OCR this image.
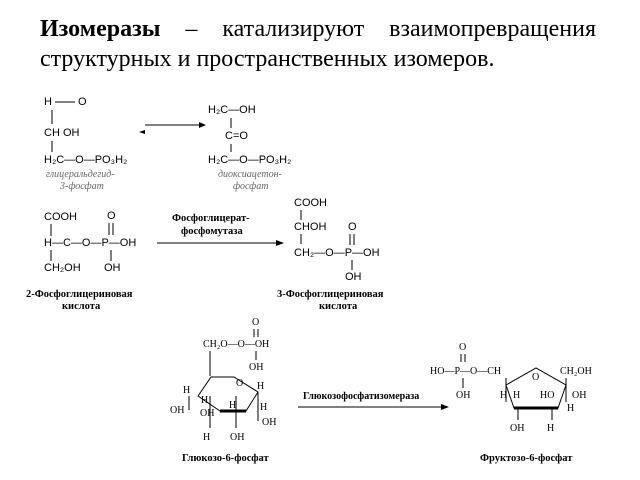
Изомеразы – катализируют взаимопревращения структурных и пространственных изомеров.
H O
CH OH
H₂C—O—PO₃H₂
глицеральдегид-
3-фосфат
H₂C—OH
C=O
H₂C—O—PO₃H₂
диоксиацетон-
фосфат
COOH	O
H—C—O—P—OH
CH₂OH OH
2-Фосфоглицериновая
кислота
Фосфоглицерат-
фосфомутаза
COOH
CHOH O
CH₂—O—P—OH
OH
3-Фосфоглицериновая
кислота
O
CH₂O—O—OH
OH
O
H
H
H
OH OH
H H
OH
H OH
Глюкозо-6-фосфат
Глюкозофосфатизомераза
O
HO—P—O—CH
OH
O
CH₂OH
H H HO OH
H
OH H
Фруктозо-6-фосфат
